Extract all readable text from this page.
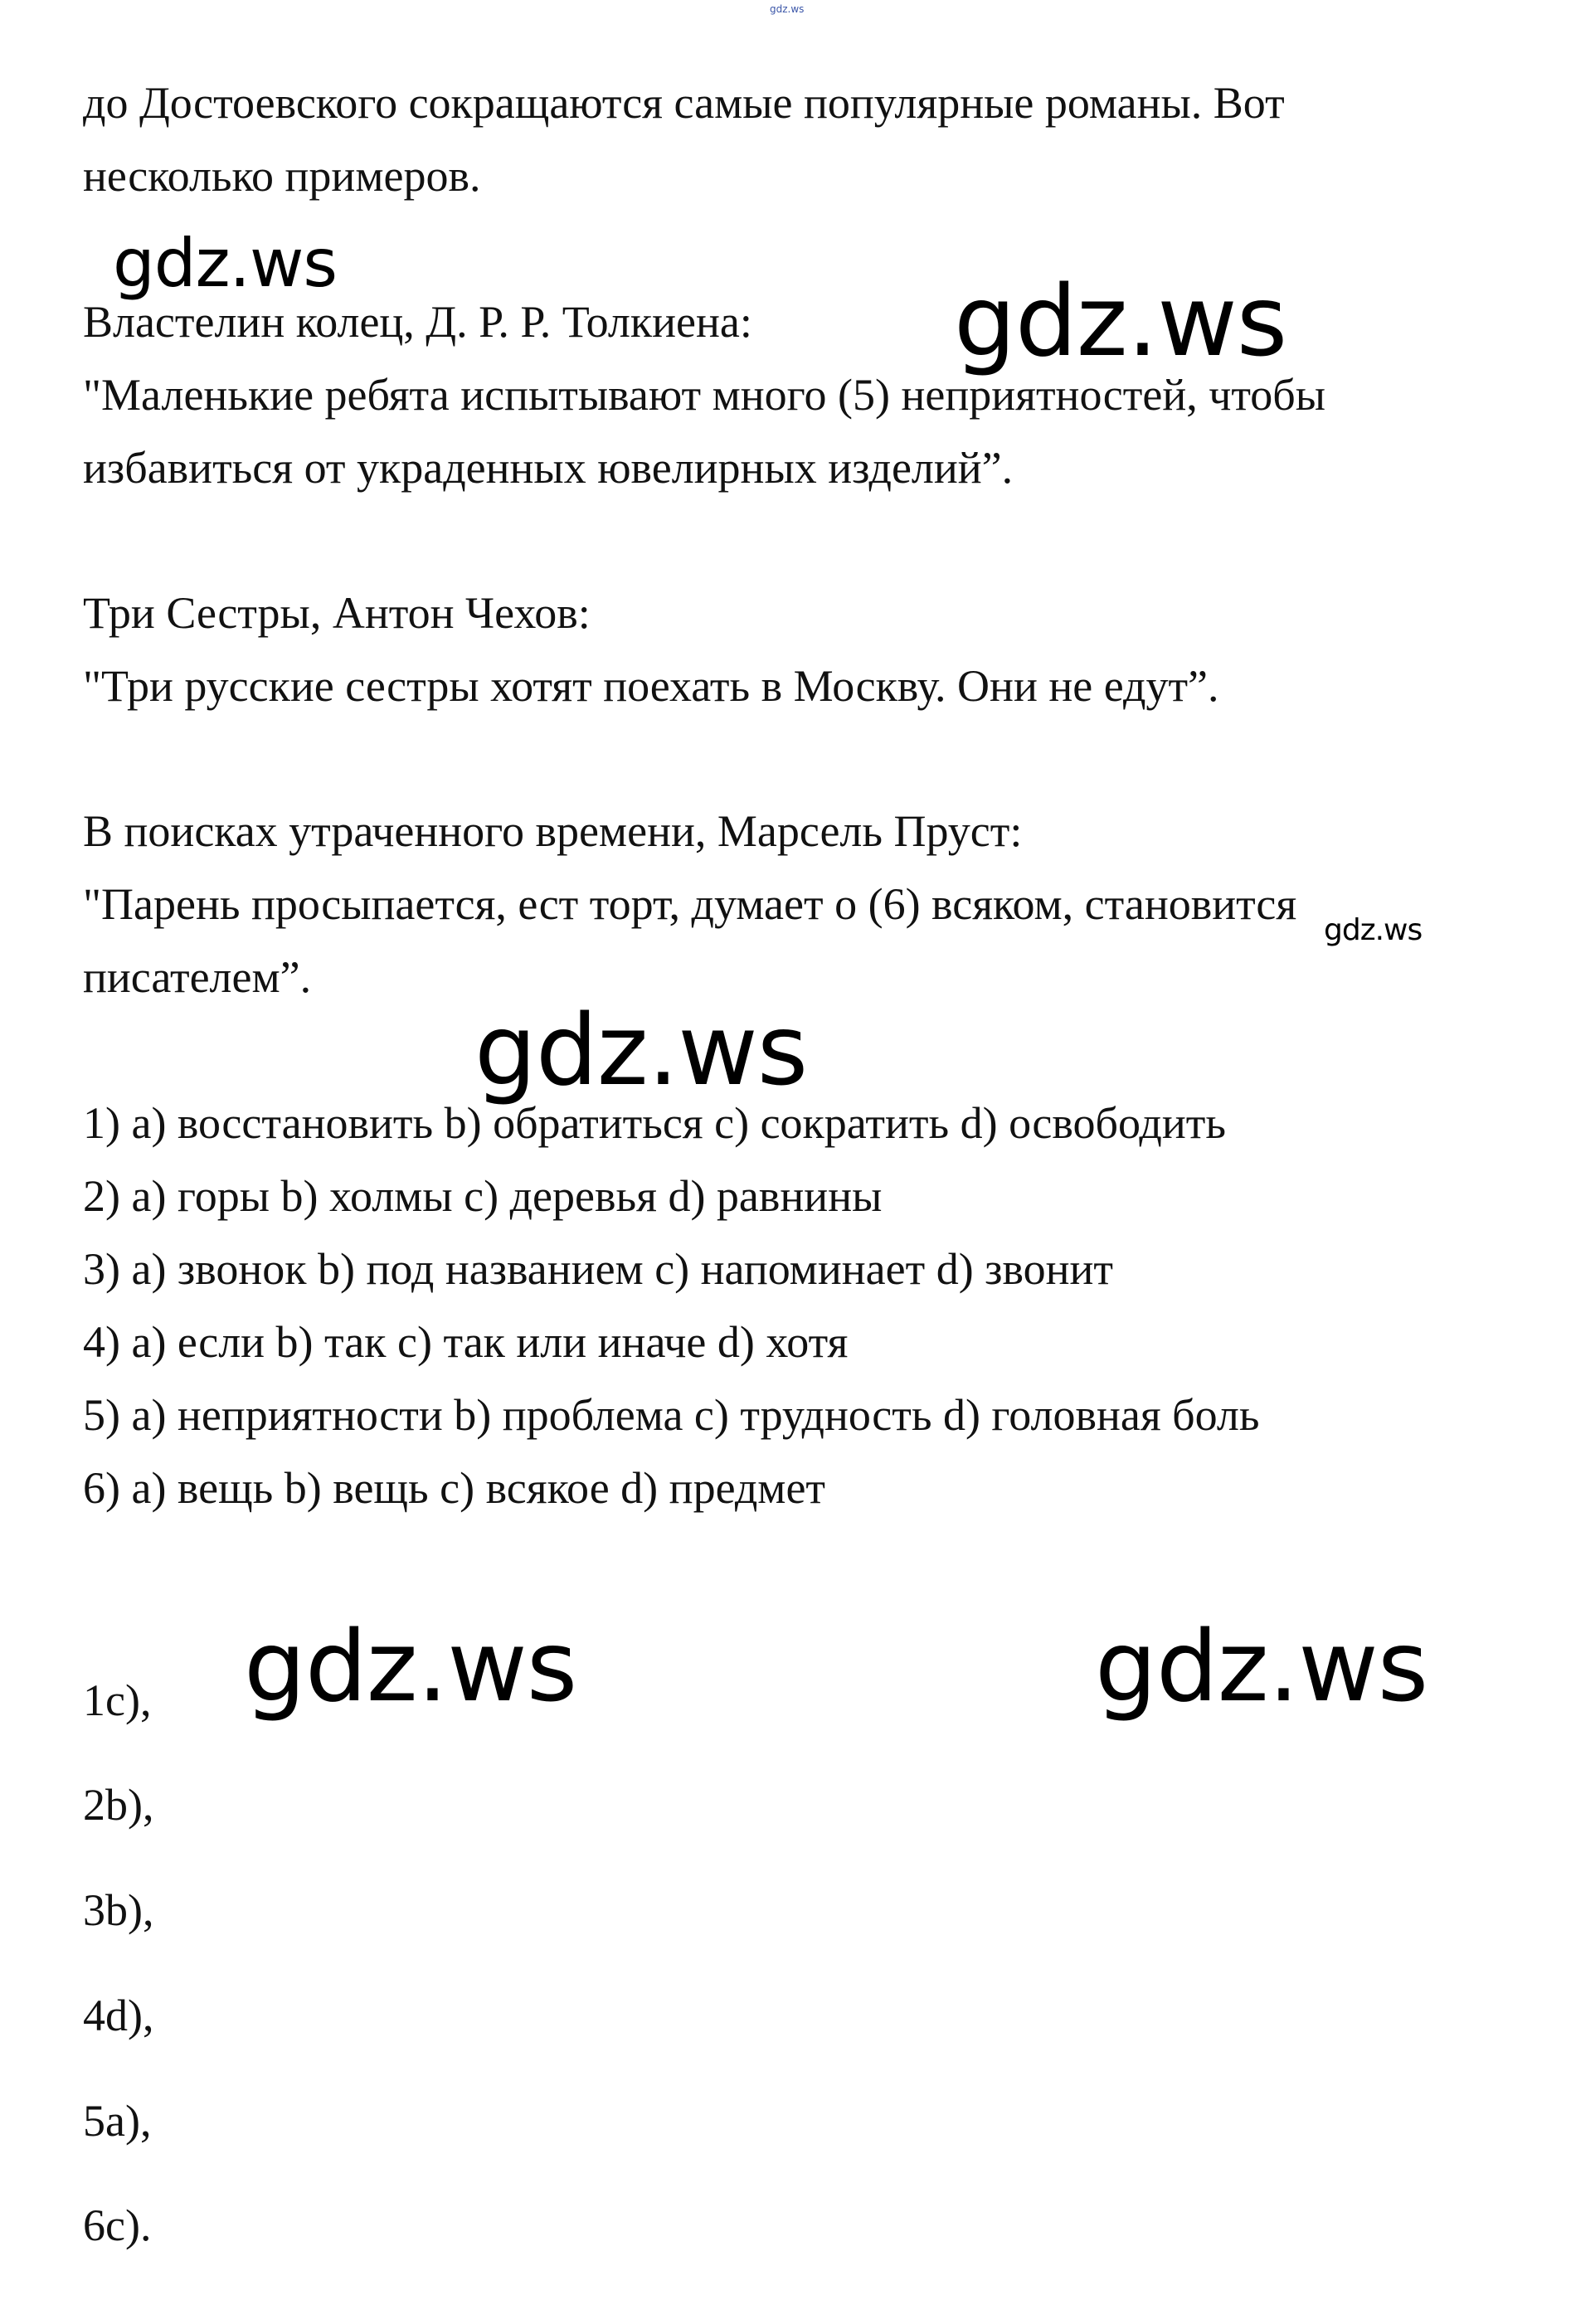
gdz.ws
до Достоевского сокращаются самые популярные романы. Вот
несколько примеров.
Властелин колец, Д. Р. Р. Толкиена:
"Маленькие ребята испытывают много (5) неприятностей, чтобы
избавиться от украденных ювелирных изделий”.
Три Сестры, Антон Чехов:
"Три русские сестры хотят поехать в Москву. Они не едут”.
В поисках утраченного времени, Марсель Пруст:
"Парень просыпается, ест торт, думает о (6) всяком, становится
писателем”.
1) a) восстановить b) обратиться c) сократить d) освободить
2) a) горы b) холмы c) деревья d) равнины
3) a) звонок b) под названием c) напоминает d) звонит
4) a) если b) так c) так или иначе d) хотя
5) a) неприятности b) проблема c) трудность d) головная боль
6) a) вещь b) вещь c) всякое d) предмет
1c),
2b),
3b),
4d),
5a),
6c).
gdz.ws
gdz.ws
gdz.ws
gdz.ws
gdz.ws	gdz.ws
